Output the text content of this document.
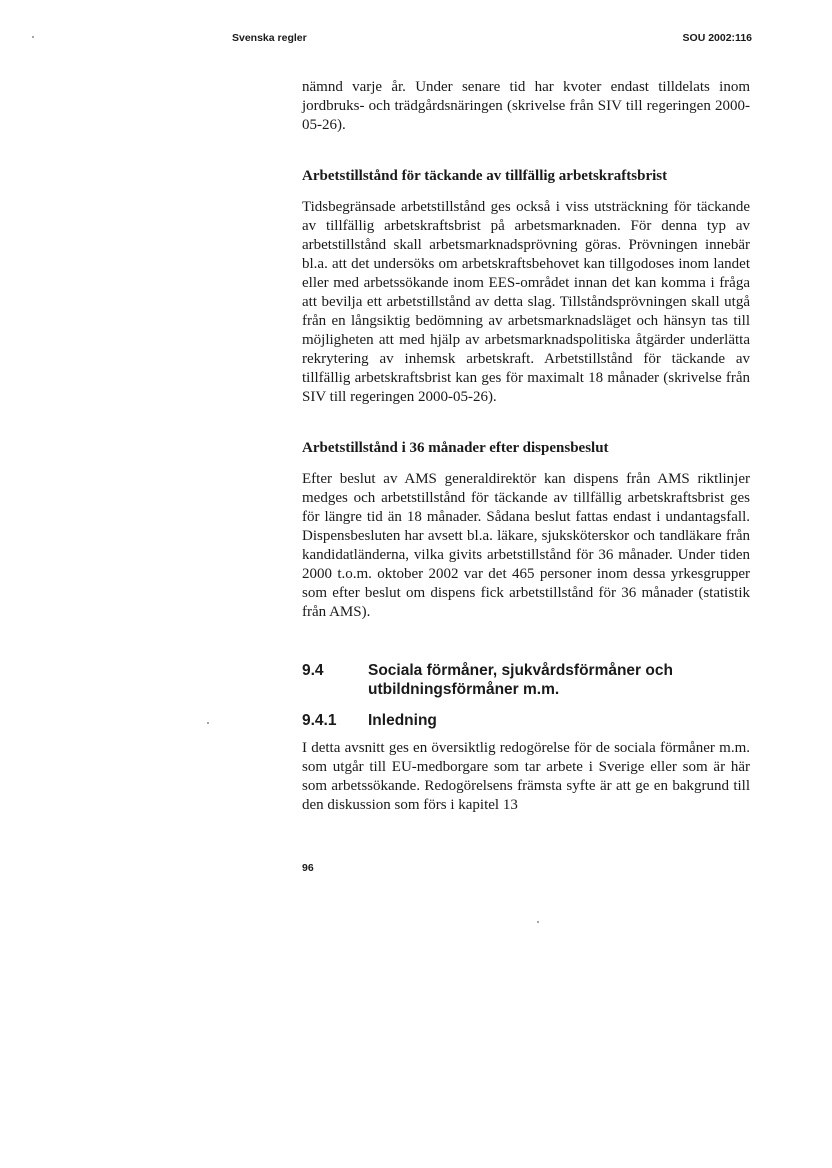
Svenska regler	SOU 2002:116

nämnd varje år. Under senare tid har kvoter endast tilldelats inom jordbruks- och trädgårdsnäringen (skrivelse från SIV till regeringen 2000-05-26).

Arbetstillstånd för täckande av tillfällig arbetskraftsbrist

Tidsbegränsade arbetstillstånd ges också i viss utsträckning för täckande av tillfällig arbetskraftsbrist på arbetsmarknaden. För denna typ av arbetstillstånd skall arbetsmarknadsprövning göras. Prövningen innebär bl.a. att det undersöks om arbetskraftsbehovet kan tillgodoses inom landet eller med arbetssökande inom EES-området innan det kan komma i fråga att bevilja ett arbetstillstånd av detta slag. Tillståndsprövningen skall utgå från en långsiktig bedömning av arbetsmarknadsläget och hänsyn tas till möjligheten att med hjälp av arbetsmarknadspolitiska åtgärder underlätta rekrytering av inhemsk arbetskraft. Arbetstillstånd för täckande av tillfällig arbetskraftsbrist kan ges för maximalt 18 månader (skrivelse från SIV till regeringen 2000-05-26).

Arbetstillstånd i 36 månader efter dispensbeslut

Efter beslut av AMS generaldirektör kan dispens från AMS riktlinjer medges och arbetstillstånd för täckande av tillfällig arbetskraftsbrist ges för längre tid än 18 månader. Sådana beslut fattas endast i undantagsfall. Dispensbesluten har avsett bl.a. läkare, sjuksköterskor och tandläkare från kandidatländerna, vilka givits arbetstillstånd för 36 månader. Under tiden 2000 t.o.m. oktober 2002 var det 465 personer inom dessa yrkesgrupper som efter beslut om dispens fick arbetstillstånd för 36 månader (statistik från AMS).

9.4	Sociala förmåner, sjukvårdsförmåner och utbildningsförmåner m.m.
9.4.1 Inledning

I detta avsnitt ges en översiktlig redogörelse för de sociala förmåner m.m. som utgår till EU-medborgare som tar arbete i Sverige eller som är här som arbetssökande. Redogörelsens främsta syfte är att ge en bakgrund till den diskussion som förs i kapitel 13

96
